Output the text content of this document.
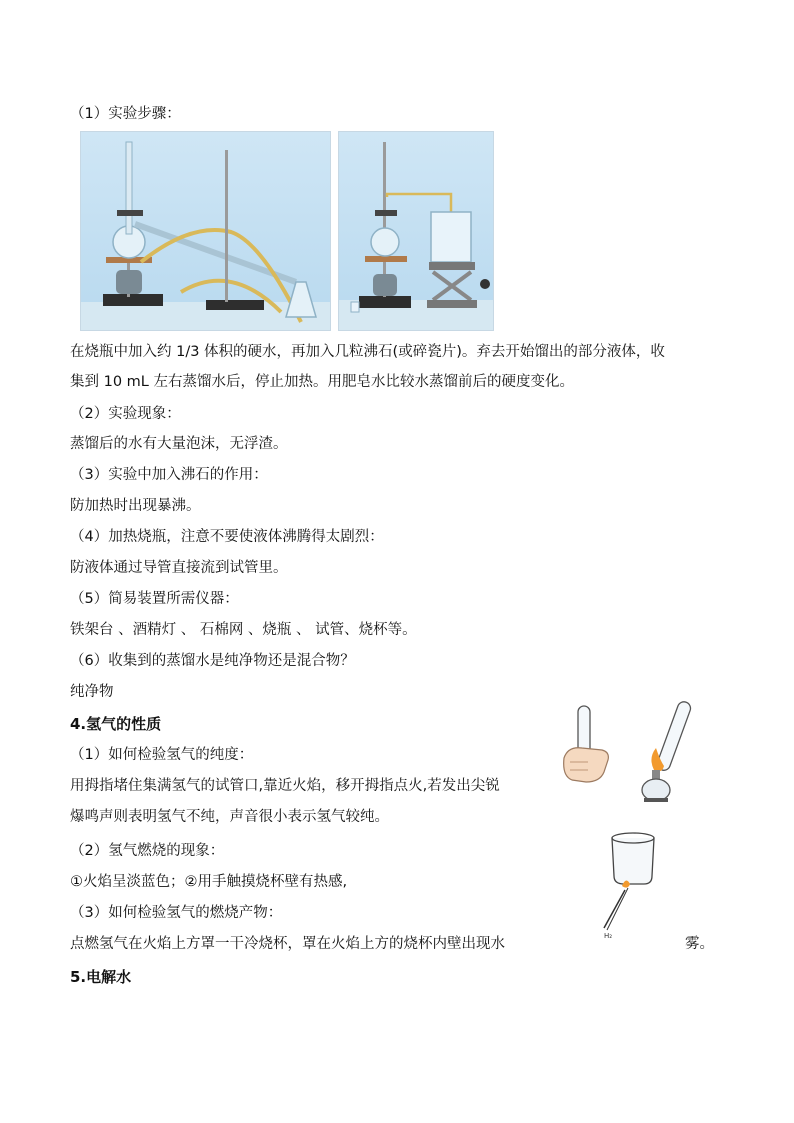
（1）实验步骤：
在烧瓶中加入约 1/3 体积的硬水，再加入几粒沸石(或碎瓷片)。弃去开始馏出的部分液体，收
集到 10 mL 左右蒸馏水后，停止加热。用肥皂水比较水蒸馏前后的硬度变化。
（2）实验现象：
蒸馏后的水有大量泡沫，无浮渣。
（3）实验中加入沸石的作用：
防加热时出现暴沸。
（4）加热烧瓶，注意不要使液体沸腾得太剧烈：
防液体通过导管直接流到试管里。
（5）简易装置所需仪器：
铁架台 、酒精灯 、 石棉网 、烧瓶 、 试管、烧杯等。
（6）收集到的蒸馏水是纯净物还是混合物？
纯净物
4.氢气的性质
（1）如何检验氢气的纯度：
用拇指堵住集满氢气的试管口,靠近火焰，移开拇指点火,若发出尖锐
爆鸣声则表明氢气不纯，声音很小表示氢气较纯。
（2）氢气燃烧的现象：
①火焰呈淡蓝色；②用手触摸烧杯壁有热感,
（3）如何检验氢气的燃烧产物：
点燃氢气在火焰上方罩一干冷烧杯，罩在火焰上方的烧杯内壁出现水	雾。
5.电解水
H₂
